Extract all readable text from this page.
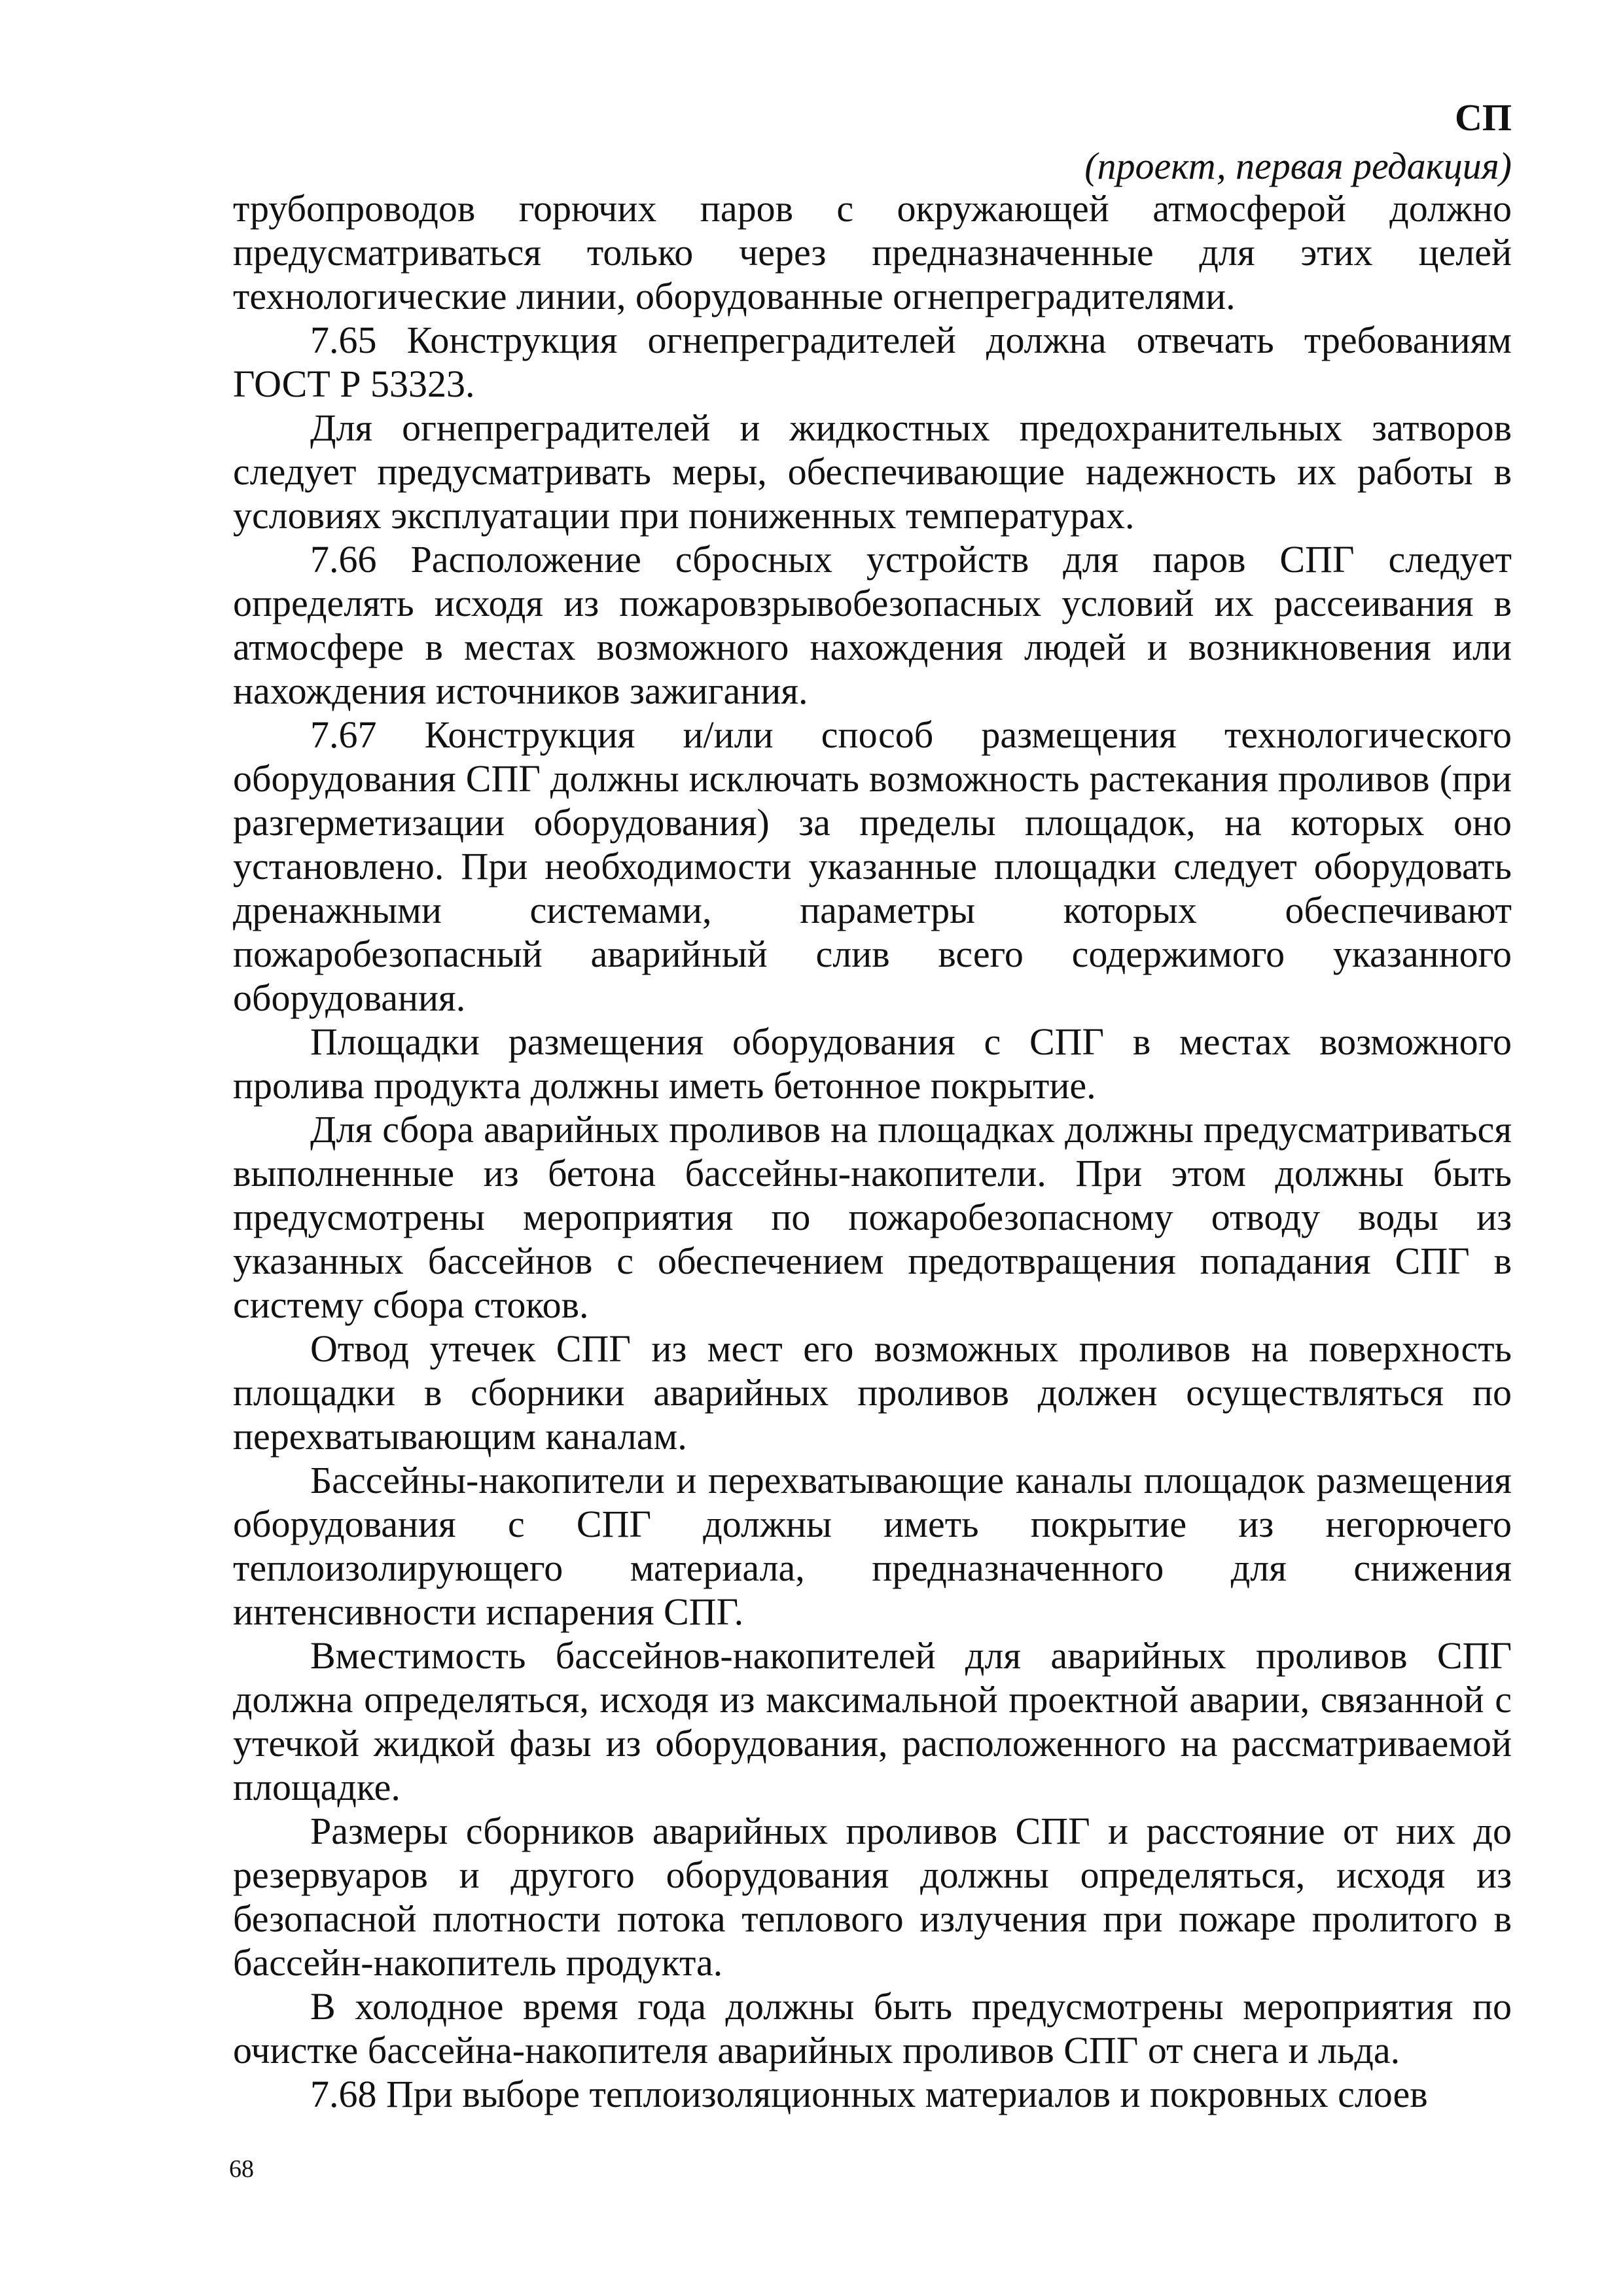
СП
(проект, первая редакция)

трубопроводов горючих паров с окружающей атмосферой должно предусматриваться только через предназначенные для этих целей технологические линии, оборудованные огнепреградителями.

7.65 Конструкция огнепреградителей должна отвечать требованиям ГОСТ Р 53323.

Для огнепреградителей и жидкостных предохранительных затворов следует предусматривать меры, обеспечивающие надежность их работы в условиях эксплуатации при пониженных температурах.

7.66 Расположение сбросных устройств для паров СПГ следует определять исходя из пожаровзрывобезопасных условий их рассеивания в атмосфере в местах возможного нахождения людей и возникновения или нахождения источников зажигания.

7.67 Конструкция и/или способ размещения технологического оборудования СПГ должны исключать возможность растекания проливов (при разгерметизации оборудования) за пределы площадок, на которых оно установлено. При необходимости указанные площадки следует оборудовать дренажными системами, параметры которых обеспечивают пожаробезопасный аварийный слив всего содержимого указанного оборудования.

Площадки размещения оборудования с СПГ в местах возможного пролива продукта должны иметь бетонное покрытие.

Для сбора аварийных проливов на площадках должны предусматриваться выполненные из бетона бассейны-накопители. При этом должны быть предусмотрены мероприятия по пожаробезопасному отводу воды из указанных бассейнов с обеспечением предотвращения попадания СПГ в систему сбора стоков.

Отвод утечек СПГ из мест его возможных проливов на поверхность площадки в сборники аварийных проливов должен осуществляться по перехватывающим каналам.

Бассейны-накопители и перехватывающие каналы площадок размещения оборудования с СПГ должны иметь покрытие из негорючего теплоизолирующего материала, предназначенного для снижения интенсивности испарения СПГ.

Вместимость бассейнов-накопителей для аварийных проливов СПГ должна определяться, исходя из максимальной проектной аварии, связанной с утечкой жидкой фазы из оборудования, расположенного на рассматриваемой площадке.

Размеры сборников аварийных проливов СПГ и расстояние от них до резервуаров и другого оборудования должны определяться, исходя из безопасной плотности потока теплового излучения при пожаре пролитого в бассейн-накопитель продукта.

В холодное время года должны быть предусмотрены мероприятия по очистке бассейна-накопителя аварийных проливов СПГ от снега и льда.

7.68 При выборе теплоизоляционных материалов и покровных слоев

68
